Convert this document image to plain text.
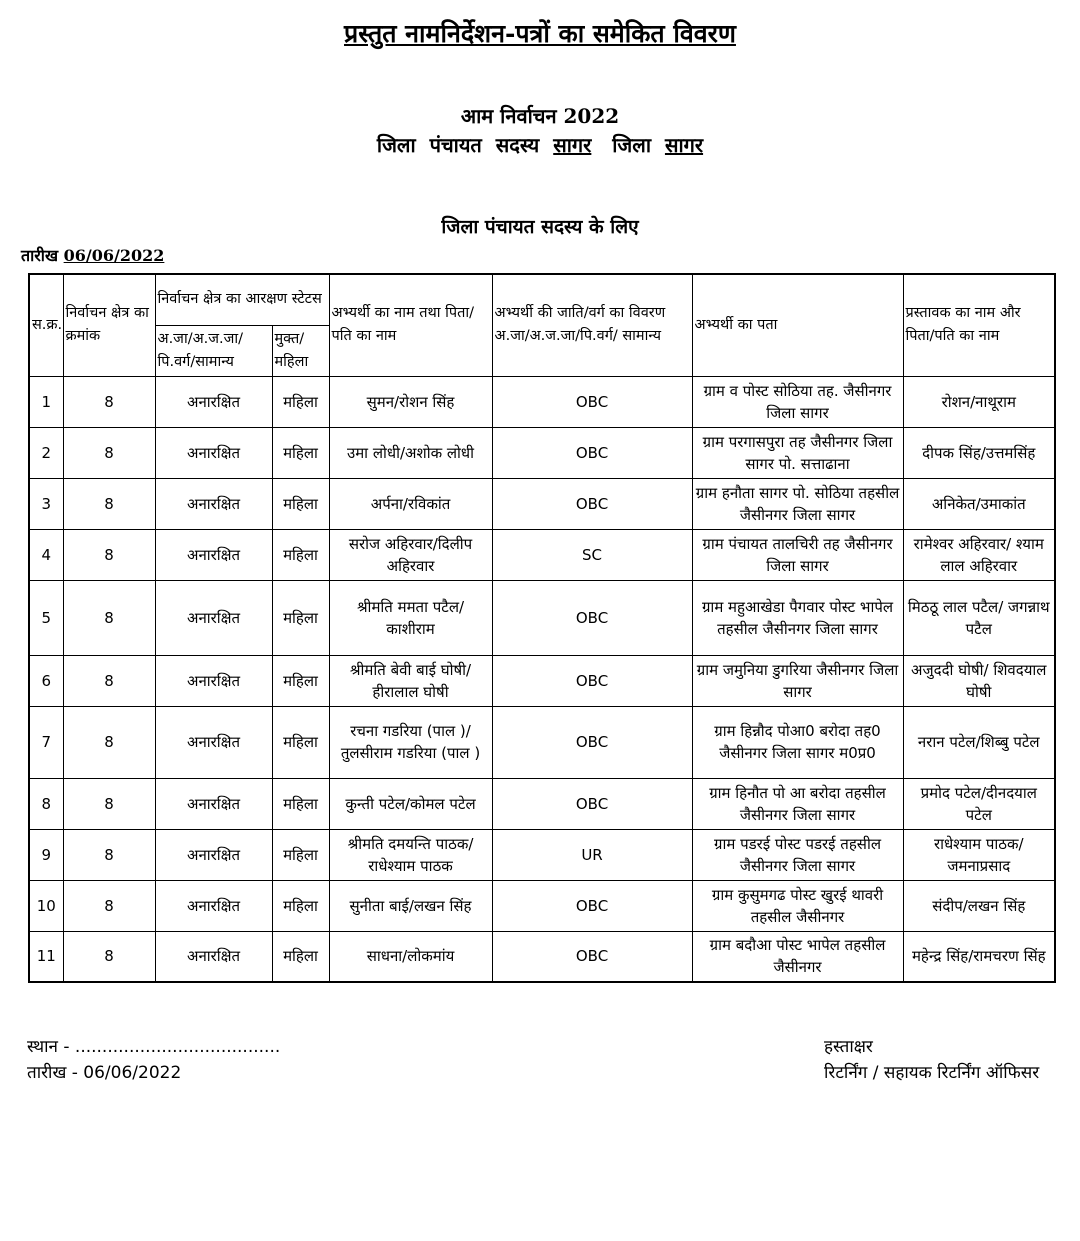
प्रस्तुत नामनिर्देशन-पत्रों का समेकित विवरण
आम निर्वाचन 2022
जिला  पंचायत  सदस्य  सागर   जिला  सागर
जिला पंचायत सदस्य के लिए
तारीख 06/06/2022
स.क्र.	निर्वाचन क्षेत्र का क्रमांक	निर्वाचन क्षेत्र का आरक्षण स्टेटस		अभ्यर्थी का नाम तथा पिता/पति का नाम	अभ्यर्थी की जाति/वर्ग का विवरण अ.जा/अ.ज.जा/पि.वर्ग/ सामान्य	अभ्यर्थी का पता	प्रस्तावक का नाम और पिता/पति का नाम
		अ.जा/अ.ज.जा/ पि.वर्ग/सामान्य	मुक्त/ महिला				
1	8	अनारक्षित	महिला	सुमन/रोशन सिंह	OBC	ग्राम व पोस्ट सोठिया तह. जैसीनगर जिला सागर	रोशन/नाथूराम
2	8	अनारक्षित	महिला	उमा लोधी/अशोक लोधी	OBC	ग्राम परगासपुरा तह जैसीनगर जिला सागर पो. सत्ताढाना	दीपक सिंह/उत्तमसिंह
3	8	अनारक्षित	महिला	अर्पना/रविकांत	OBC	ग्राम हनौता सागर पो. सोठिया तहसील जैसीनगर जिला सागर	अनिकेत/उमाकांत
4	8	अनारक्षित	महिला	सरोज अहिरवार/दिलीप अहिरवार	SC	ग्राम पंचायत तालचिरी तह जैसीनगर जिला सागर	रामेश्वर अहिरवार/ श्याम लाल अहिरवार
5	8	अनारक्षित	महिला	श्रीमति ममता पटैल/ काशीराम	OBC	ग्राम महुआखेडा पैगवार पोस्ट भापेल तहसील जैसीनगर जिला सागर	मिठठू लाल पटैल/ जगन्नाथ पटैल
6	8	अनारक्षित	महिला	श्रीमति बेवी बाई घोषी/ हीरालाल घोषी	OBC	ग्राम जमुनिया डुगरिया जैसीनगर जिला सागर	अजुददी घोषी/ शिवदयाल घोषी
7	8	अनारक्षित	महिला	रचना गडरिया (पाल )/ तुलसीराम गडरिया (पाल )	OBC	ग्राम हिन्नौद पोआ0 बरोदा तह0 जैसीनगर जिला सागर म0प्र0	नरान पटेल/शिब्बु पटेल
8	8	अनारक्षित	महिला	कुन्ती पटेल/कोमल पटेल	OBC	ग्राम हिनौत पो आ बरोदा तहसील जैसीनगर जिला सागर	प्रमोद पटेल/दीनदयाल पटेल
9	8	अनारक्षित	महिला	श्रीमति दमयन्ति पाठक/ राधेश्याम पाठक	UR	ग्राम पडरई पोस्ट पडरई तहसील जैसीनगर जिला सागर	राधेश्याम पाठक/ जमनाप्रसाद
10	8	अनारक्षित	महिला	सुनीता बाई/लखन सिंह	OBC	ग्राम कुसुमगढ पोस्ट खुरई थावरी तहसील जैसीनगर	संदीप/लखन सिंह
11	8	अनारक्षित	महिला	साधना/लोकमांय	OBC	ग्राम बदौआ पोस्ट भापेल तहसील जैसीनगर	महेन्द्र सिंह/रामचरण सिंह
स्थान - ......................................
तारीख - 06/06/2022
हस्ताक्षर
रिटर्निंग / सहायक रिटर्निंग ऑफिसर
